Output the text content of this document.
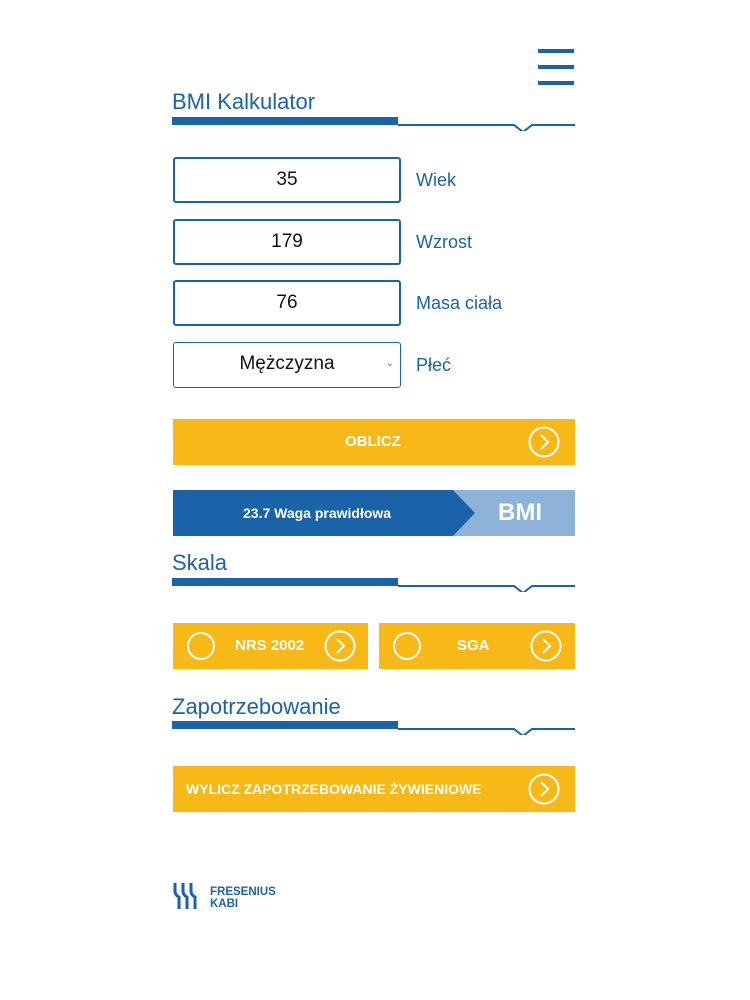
BMI Kalkulator
35	Wiek
179	Wzrost
76	Masa ciała
Mężczyzna	⌄ Płeć
OBLICZ
23.7 Waga prawidłowa	BMI
Skala
NRS 2002	SGA
Zapotrzebowanie
WYLICZ ZAPOTRZEBOWANIE ŻYWIENIOWE
FRESENIUS
KABI
